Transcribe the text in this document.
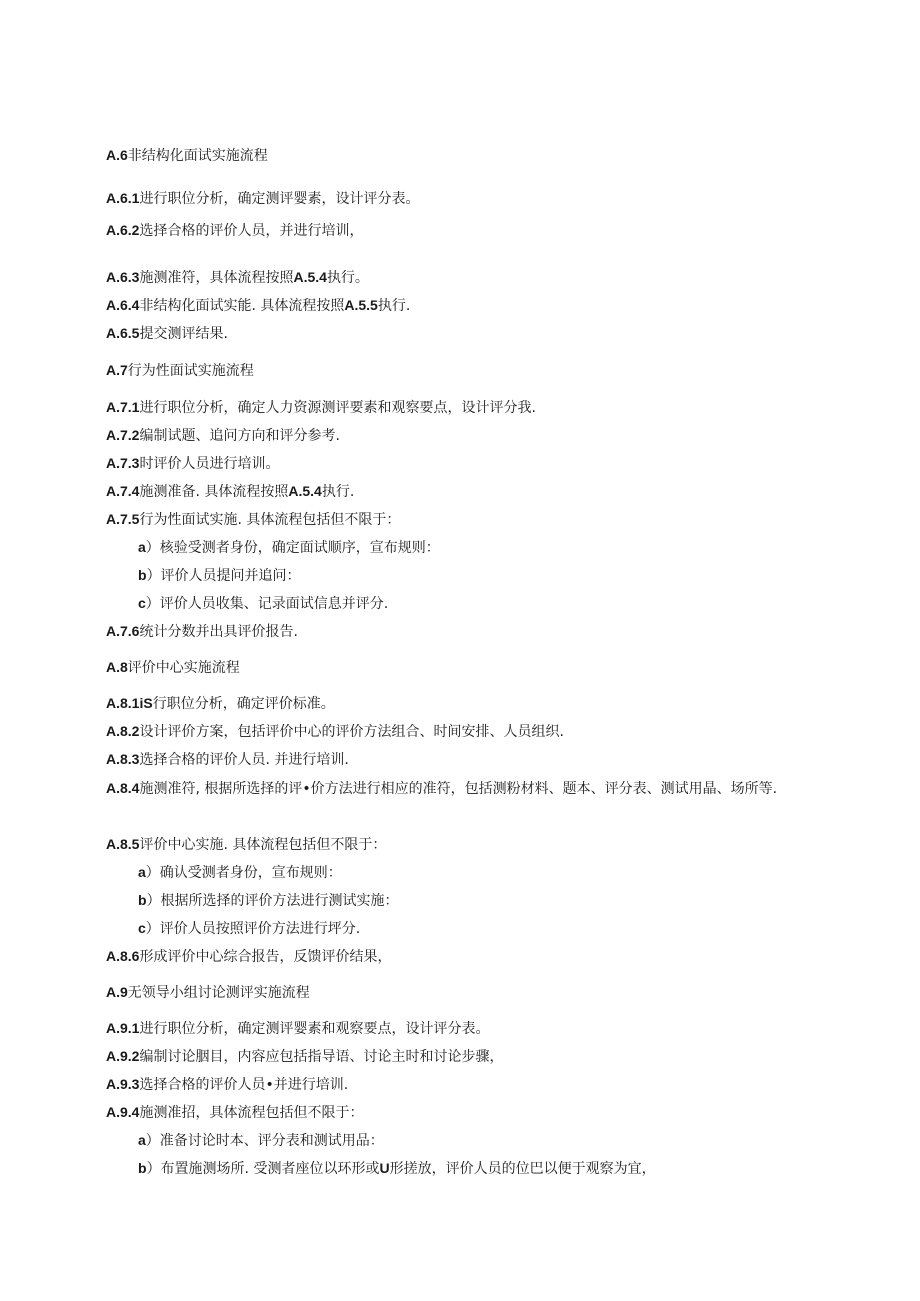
A.6非结构化面试实施流程
A.6.1进行职位分析，确定测评婴素，设计评分表。
A.6.2选择合格的评价人员，并进行培训，
A.6.3施测准符，具体流程按照A.5.4执行。
A.6.4非结构化面试实能. 具体流程按照A.5.5执行.
A.6.5提交测评结果.
A.7行为性面试实施流程
A.7.1进行职位分析，确定人力资源测评要素和观察要点，设计评分我.
A.7.2编制试题、追问方向和评分参考.
A.7.3时评价人员进行培训。
A.7.4施测准备. 具体流程按照A.5.4执行.
A.7.5行为性面试实施. 具体流程包括但不限于：
a）核验受测者身份，确定面试顺序，宣布规则：
b）评价人员提问并追问：
c）评价人员收集、记录面试信息并评分.
A.7.6统计分数并出具评价报告.
A.8评价中心实施流程
A.8.1iS行职位分析，确定评价标准。
A.8.2设计评价方案，包括评价中心的评价方法组合、时间安排、人员组织.
A.8.3选择合格的评价人员. 并进行培训.
A.8.4施测准符, 根据所选择的评•价方法进行相应的准符，包括测粉材料、题本、评分表、测试用晶、场所等.
A.8.5评价中心实施. 具体流程包括但不限于：
a）确认受测者身份，宣布规则：
b）根据所选择的评价方法进行测试实施：
c）评价人员按照评价方法进行坪分.
A.8.6形成评价中心综合报告，反馈评价结果，
A.9无领导小组讨论测评实施流程
A.9.1进行职位分析，确定测评婴素和观察要点，设计评分表。
A.9.2编制讨论胭目，内容应包括指导语、讨论主时和讨论步骤，
A.9.3选择合格的评价人员•并进行培训.
A.9.4施测准招，具体流程包括但不限于：
a）准备讨论时本、评分表和测试用品：
b）布置施测场所. 受测者座位以环形或U形搓放，评价人员的位巴以便于观察为宜，
